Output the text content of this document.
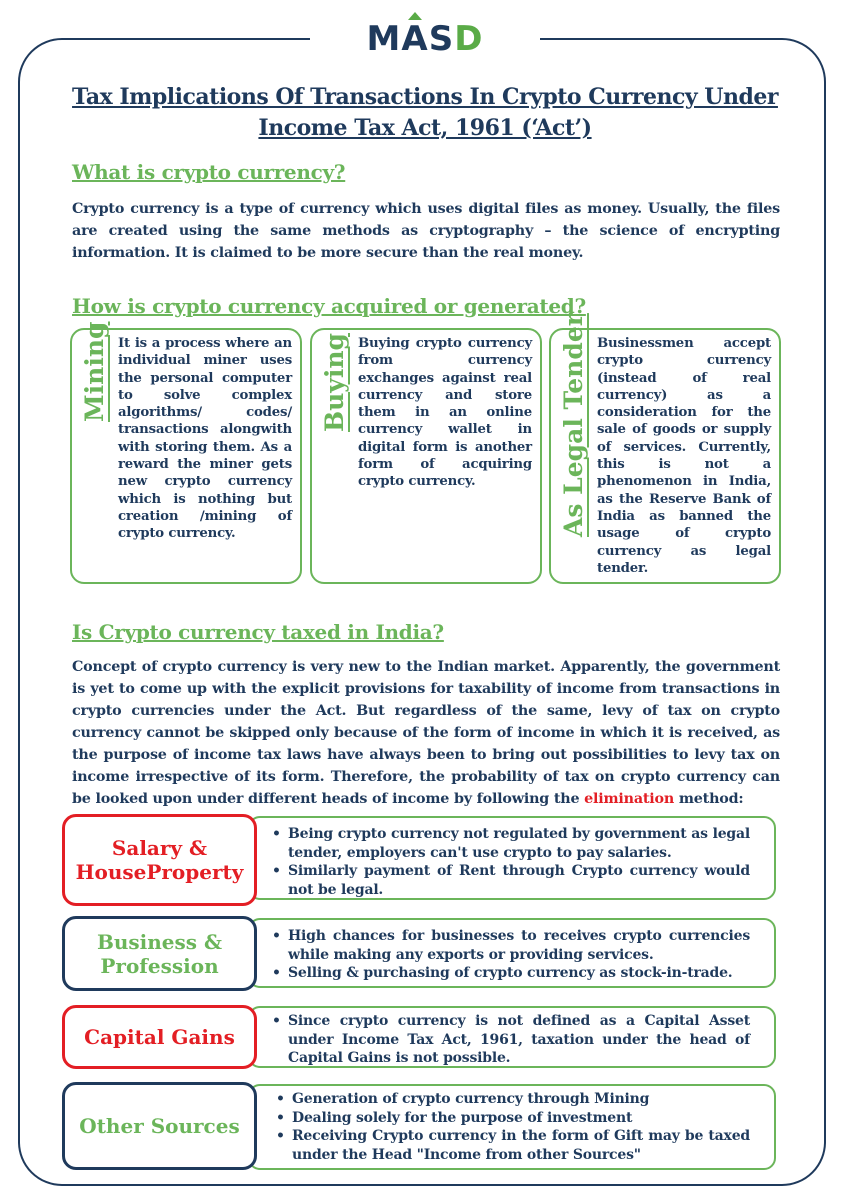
MASD
Tax Implications Of Transactions In Crypto Currency Under Income Tax Act, 1961 (‘Act’)
What is crypto currency?
Crypto currency is a type of currency which uses digital files as money. Usually, the files are created using the same methods as cryptography – the science of encrypting information. It is claimed to be more secure than the real money.
How is crypto currency acquired or generated?
Mining It is a process where an individual miner uses the personal computer to solve complex algorithms/ codes/ transactions alongwith with storing them. As a reward the miner gets new crypto currency which is nothing but creation /mining of crypto currency.
Buying Buying crypto currency from currency exchanges against real currency and store them in an online currency wallet in digital form is another form of acquiring crypto currency.	As Legal Tender Businessmen accept crypto currency (instead of real currency) as a consideration for the sale of goods or supply of services. Currently, this is not a phenomenon in India, as the Reserve Bank of India as banned the usage of crypto currency as legal tender.
Is Crypto currency taxed in India?
Concept of crypto currency is very new to the Indian market. Apparently, the government is yet to come up with the explicit provisions for taxability of income from transactions in crypto currencies under the Act. But regardless of the same, levy of tax on crypto currency cannot be skipped only because of the form of income in which it is received, as the purpose of income tax laws have always been to bring out possibilities to levy tax on income irrespective of its form. Therefore, the probability of tax on crypto currency can be looked upon under different heads of income by following the elimination method:
Salary & HouseProperty
• Being crypto currency not regulated by government as legal tender, employers can't use crypto to pay salaries.
• Similarly payment of Rent through Crypto currency would not be legal.
Business & Profession
• High chances for businesses to receives crypto currencies while making any exports or providing services.
• Selling & purchasing of crypto currency as stock-in-trade.
Capital Gains
• Since crypto currency is not defined as a Capital Asset under Income Tax Act, 1961, taxation under the head of Capital Gains is not possible.
Other Sources
• Generation of crypto currency through Mining
• Dealing solely for the purpose of investment
• Receiving Crypto currency in the form of Gift may be taxed under the Head "Income from other Sources"
